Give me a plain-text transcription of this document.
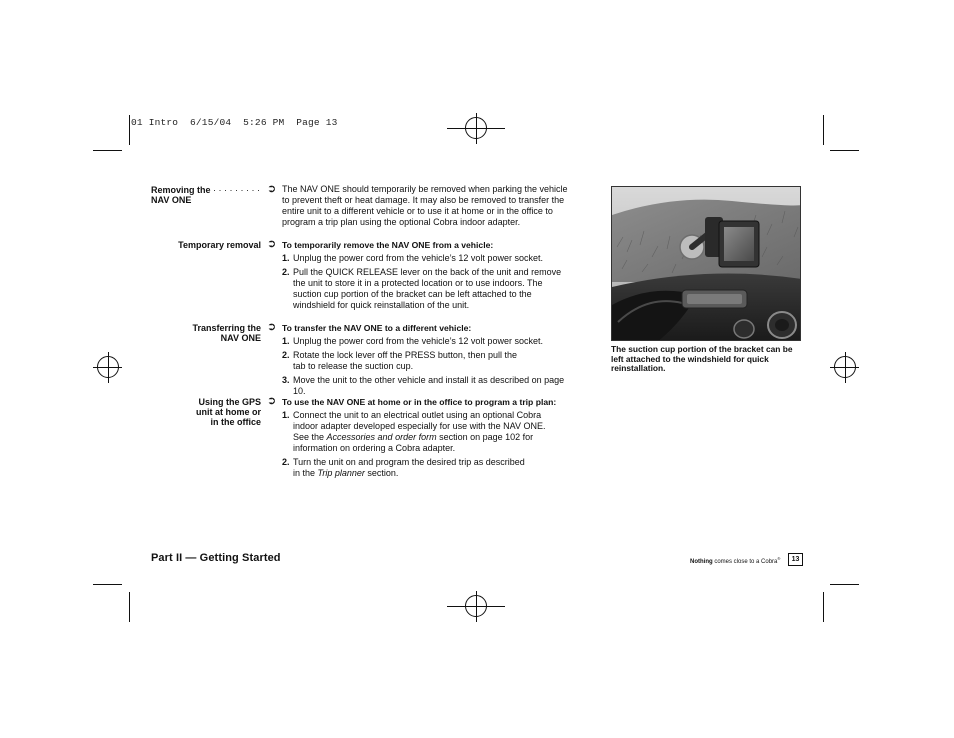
01 Intro  6/15/04  5:26 PM  Page 13
Removing the · · · · · · · · ·
NAV ONE
➲ The NAV ONE should temporarily be removed when parking the vehicle to prevent theft or heat damage. It may also be removed to transfer the entire unit to a different vehicle or to use it at home or in the office to program a trip plan using the optional Cobra indoor adapter.
Temporary removal ➲ To temporarily remove the NAV ONE from a vehicle:
1. Unplug the power cord from the vehicle’s 12 volt power socket.
2. Pull the QUICK RELEASE lever on the back of the unit and remove the unit to store it in a protected location or to use indoors. The suction cup portion of the bracket can be left attached to the windshield for quick reinstallation of the unit.
Transferring the
NAV ONE
➲ To transfer the NAV ONE to a different vehicle:
1. Unplug the power cord from the vehicle’s 12 volt power socket.
2. Rotate the lock lever off the PRESS button, then pull the tab to release the suction cup.
3. Move the unit to the other vehicle and install it as described on page 10.
Using the GPS
unit at home or
in the office
➲ To use the NAV ONE at home or in the office to program a trip plan:
1. Connect the unit to an electrical outlet using an optional Cobra indoor adapter developed especially for use with the NAV ONE. See the Accessories and order form section on page 102 for information on ordering a Cobra adapter.
2. Turn the unit on and program the desired trip as described in the Trip planner section.
The suction cup portion of the bracket can be left attached to the windshield for quick reinstallation.
Part II — Getting Started	Nothing comes close to a Cobra®	13
